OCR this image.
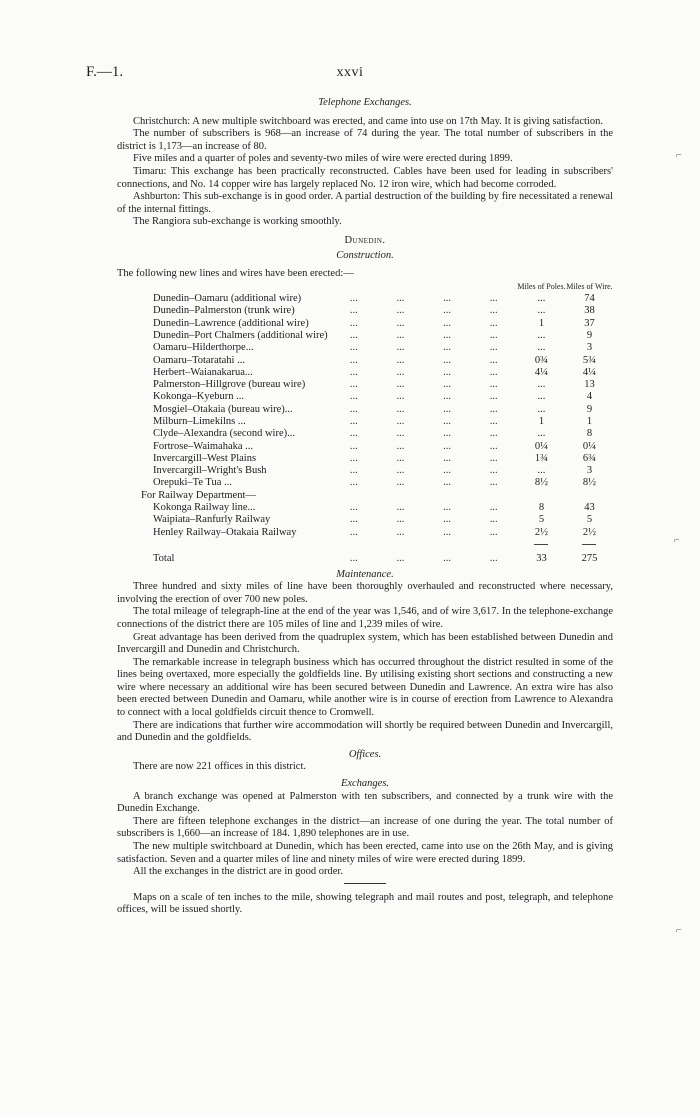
F.—1.	xxvi

Telephone Exchanges.

Christchurch: A new multiple switchboard was erected, and came into use on 17th May. It is giving satisfaction.

The number of subscribers is 968—an increase of 74 during the year. The total number of subscribers in the district is 1,173—an increase of 80.

Five miles and a quarter of poles and seventy-two miles of wire were erected during 1899.

Timaru: This exchange has been practically reconstructed. Cables have been used for leading in subscribers' connections, and No. 14 copper wire has largely replaced No. 12 iron wire, which had become corroded.

Ashburton: This sub-exchange is in good order. A partial destruction of the building by fire necessitated a renewal of the internal fittings.

The Rangiora sub-exchange is working smoothly.

Dunedin.

Construction.

The following new lines and wires have been erected:—

					Miles of Poles.	Miles of Wire.
Dunedin–Oamaru (additional wire)	...	...	...	...	...	74
Dunedin–Palmerston (trunk wire)	...	...	...	...	...	38
Dunedin–Lawrence (additional wire)	...	...	...	...	1	37
Dunedin–Port Chalmers (additional wire)	...	...	...	...	...	9
Oamaru–Hilderthorpe...	...	...	...	...	...	3
Oamaru–Totaratahi ...	...	...	...	...	0¾	5¾
Herbert–Waianakarua...	...	...	...	...	4¼	4¼
Palmerston–Hillgrove (bureau wire)	...	...	...	...	...	13
Kokonga–Kyeburn ...	...	...	...	...	...	4
Mosgiel–Otakaia (bureau wire)...	...	...	...	...	...	9
Milburn–Limekilns ...	...	...	...	...	1	1
Clyde–Alexandra (second wire)...	...	...	...	...	...	8
Fortrose–Waimahaka ...	...	...	...	...	0¼	0¼
Invercargill–West Plains	...	...	...	...	1¾	6¾
Invercargill–Wright's Bush	...	...	...	...	...	3
Orepuki–Te Tua ...	...	...	...	...	8½	8½
For Railway Department—						
Kokonga Railway line...	...	...	...	...	8	43
Waipiata–Ranfurly Railway	...	...	...	...	5	5
Henley Railway–Otakaia Railway	...	...	...	...	2½	2½

Total	...	...	...	...	33	275

Maintenance.

Three hundred and sixty miles of line have been thoroughly overhauled and reconstructed where necessary, involving the erection of over 700 new poles.

The total mileage of telegraph-line at the end of the year was 1,546, and of wire 3,617. In the telephone-exchange connections of the district there are 105 miles of line and 1,239 miles of wire.

Great advantage has been derived from the quadruplex system, which has been established between Dunedin and Invercargill and Dunedin and Christchurch.

The remarkable increase in telegraph business which has occurred throughout the district resulted in some of the lines being overtaxed, more especially the goldfields line. By utilising existing short sections and constructing a new wire where necessary an additional wire has been secured between Dunedin and Lawrence. An extra wire has also been erected between Dunedin and Oamaru, while another wire is in course of erection from Lawrence to Alexandra to connect with a local goldfields circuit thence to Cromwell.

There are indications that further wire accommodation will shortly be required between Dunedin and Invercargill, and Dunedin and the goldfields.

Offices.

There are now 221 offices in this district.

Exchanges.

A branch exchange was opened at Palmerston with ten subscribers, and connected by a trunk wire with the Dunedin Exchange.

There are fifteen telephone exchanges in the district—an increase of one during the year. The total number of subscribers is 1,660—an increase of 184. 1,890 telephones are in use.

The new multiple switchboard at Dunedin, which has been erected, came into use on the 26th May, and is giving satisfaction. Seven and a quarter miles of line and ninety miles of wire were erected during 1899.

All the exchanges in the district are in good order.

Maps on a scale of ten inches to the mile, showing telegraph and mail routes and post, telegraph, and telephone offices, will be issued shortly.

⌐
⌐
⌐
